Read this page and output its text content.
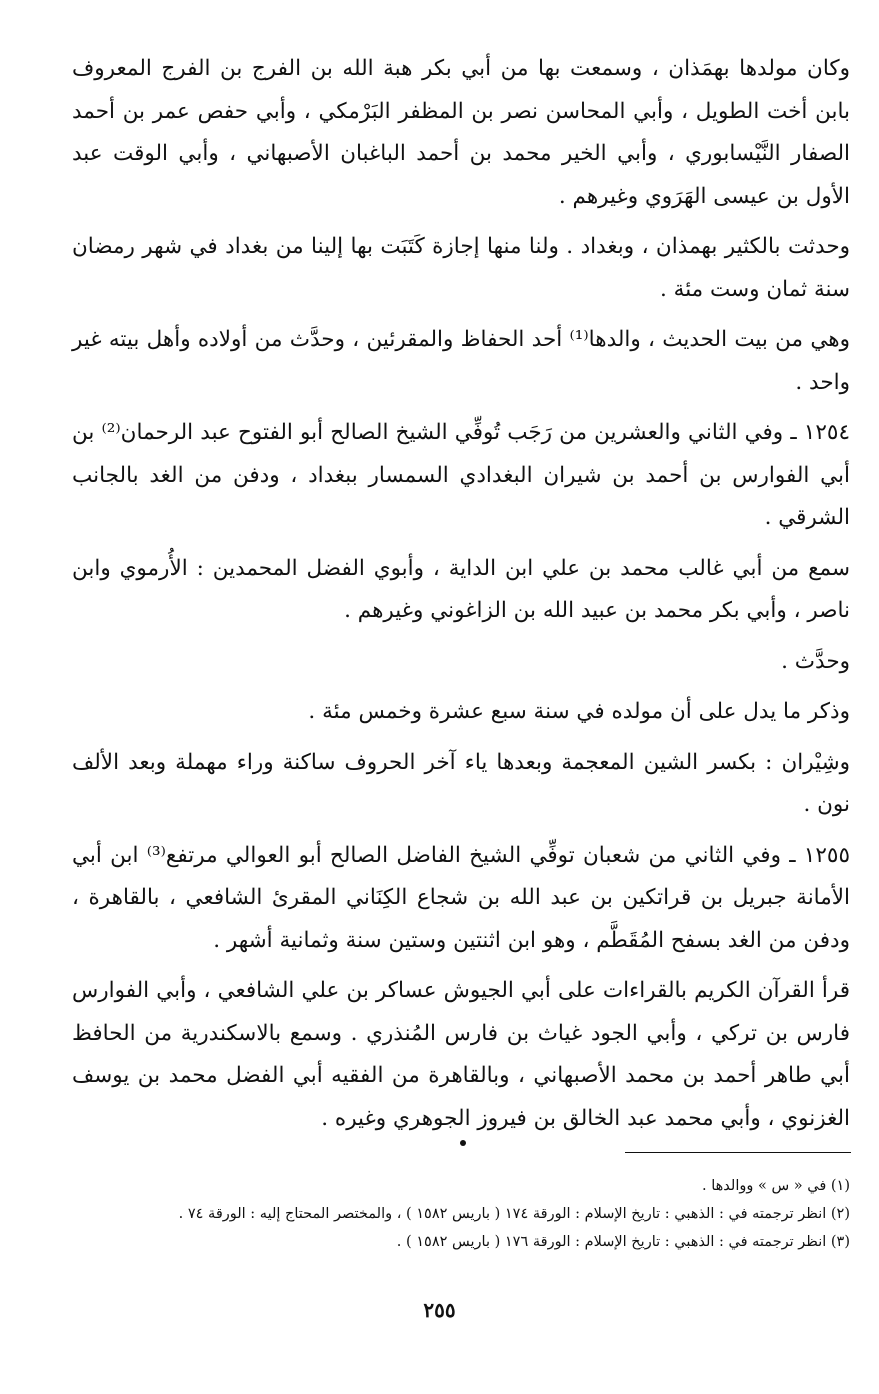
وكان مولدها بهمَذان ، وسمعت بها من أبي بكر هبة الله بن الفرج بن الفرج المعروف بابن أخت الطويل ، وأبي المحاسن نصر بن المظفر البَرْمكي ، وأبي حفص عمر بن أحمد الصفار النَّيْسابوري ، وأبي الخير محمد بن أحمد الباغبان الأصبهاني ، وأبي الوقت عبد الأول بن عيسى الهَرَوي وغيرهم .

وحدثت بالكثير بهمذان ، وبغداد . ولنا منها إجازة كَتَبَت بها إلينا من بغداد في شهر رمضان سنة ثمان وست مئة .

وهي من بيت الحديث ، والدها⁽¹⁾ أحد الحفاظ والمقرئين ، وحدَّث من أولاده وأهل بيته غير واحد .

١٢٥٤ ـ وفي الثاني والعشرين من رَجَب تُوفِّي الشيخ الصالح أبو الفتوح عبد الرحمان⁽²⁾ بن أبي الفوارس بن أحمد بن شيران البغدادي السمسار ببغداد ، ودفن من الغد بالجانب الشرقي .

سمع من أبي غالب محمد بن علي ابن الداية ، وأبوي الفضل المحمدين : الأُرموي وابن ناصر ، وأبي بكر محمد بن عبيد الله بن الزاغوني وغيرهم .

وحدَّث .

وذكر ما يدل على أن مولده في سنة سبع عشرة وخمس مئة .

وشِيْران : بكسر الشين المعجمة وبعدها ياء آخر الحروف ساكنة وراء مهملة وبعد الألف نون .

١٢٥٥ ـ وفي الثاني من شعبان توفِّي الشيخ الفاضل الصالح أبو العوالي مرتفع⁽³⁾ ابن أبي الأمانة جبريل بن قراتكين بن عبد الله بن شجاع الكِنَاني المقرئ الشافعي ، بالقاهرة ، ودفن من الغد بسفح المُقَطَّم ، وهو ابن اثنتين وستين سنة وثمانية أشهر .

قرأ القرآن الكريم بالقراءات على أبي الجيوش عساكر بن علي الشافعي ، وأبي الفوارس فارس بن تركي ، وأبي الجود غياث بن فارس المُنذري . وسمع بالاسكندرية من الحافظ أبي طاهر أحمد بن محمد الأصبهاني ، وبالقاهرة من الفقيه أبي الفضل محمد بن يوسف الغزنوي ، وأبي محمد عبد الخالق بن فيروز الجوهري وغيره .

(١) في « س » ووالدها .
(٢) انظر ترجمته في : الذهبي : تاريخ الإسلام : الورقة ١٧٤ ( باريس ١٥٨٢ ) ، والمختصر المحتاج إليه : الورقة ٧٤ .
(٣) انظر ترجمته في : الذهبي : تاريخ الإسلام : الورقة ١٧٦ ( باريس ١٥٨٢ ) .
٢٥٥
